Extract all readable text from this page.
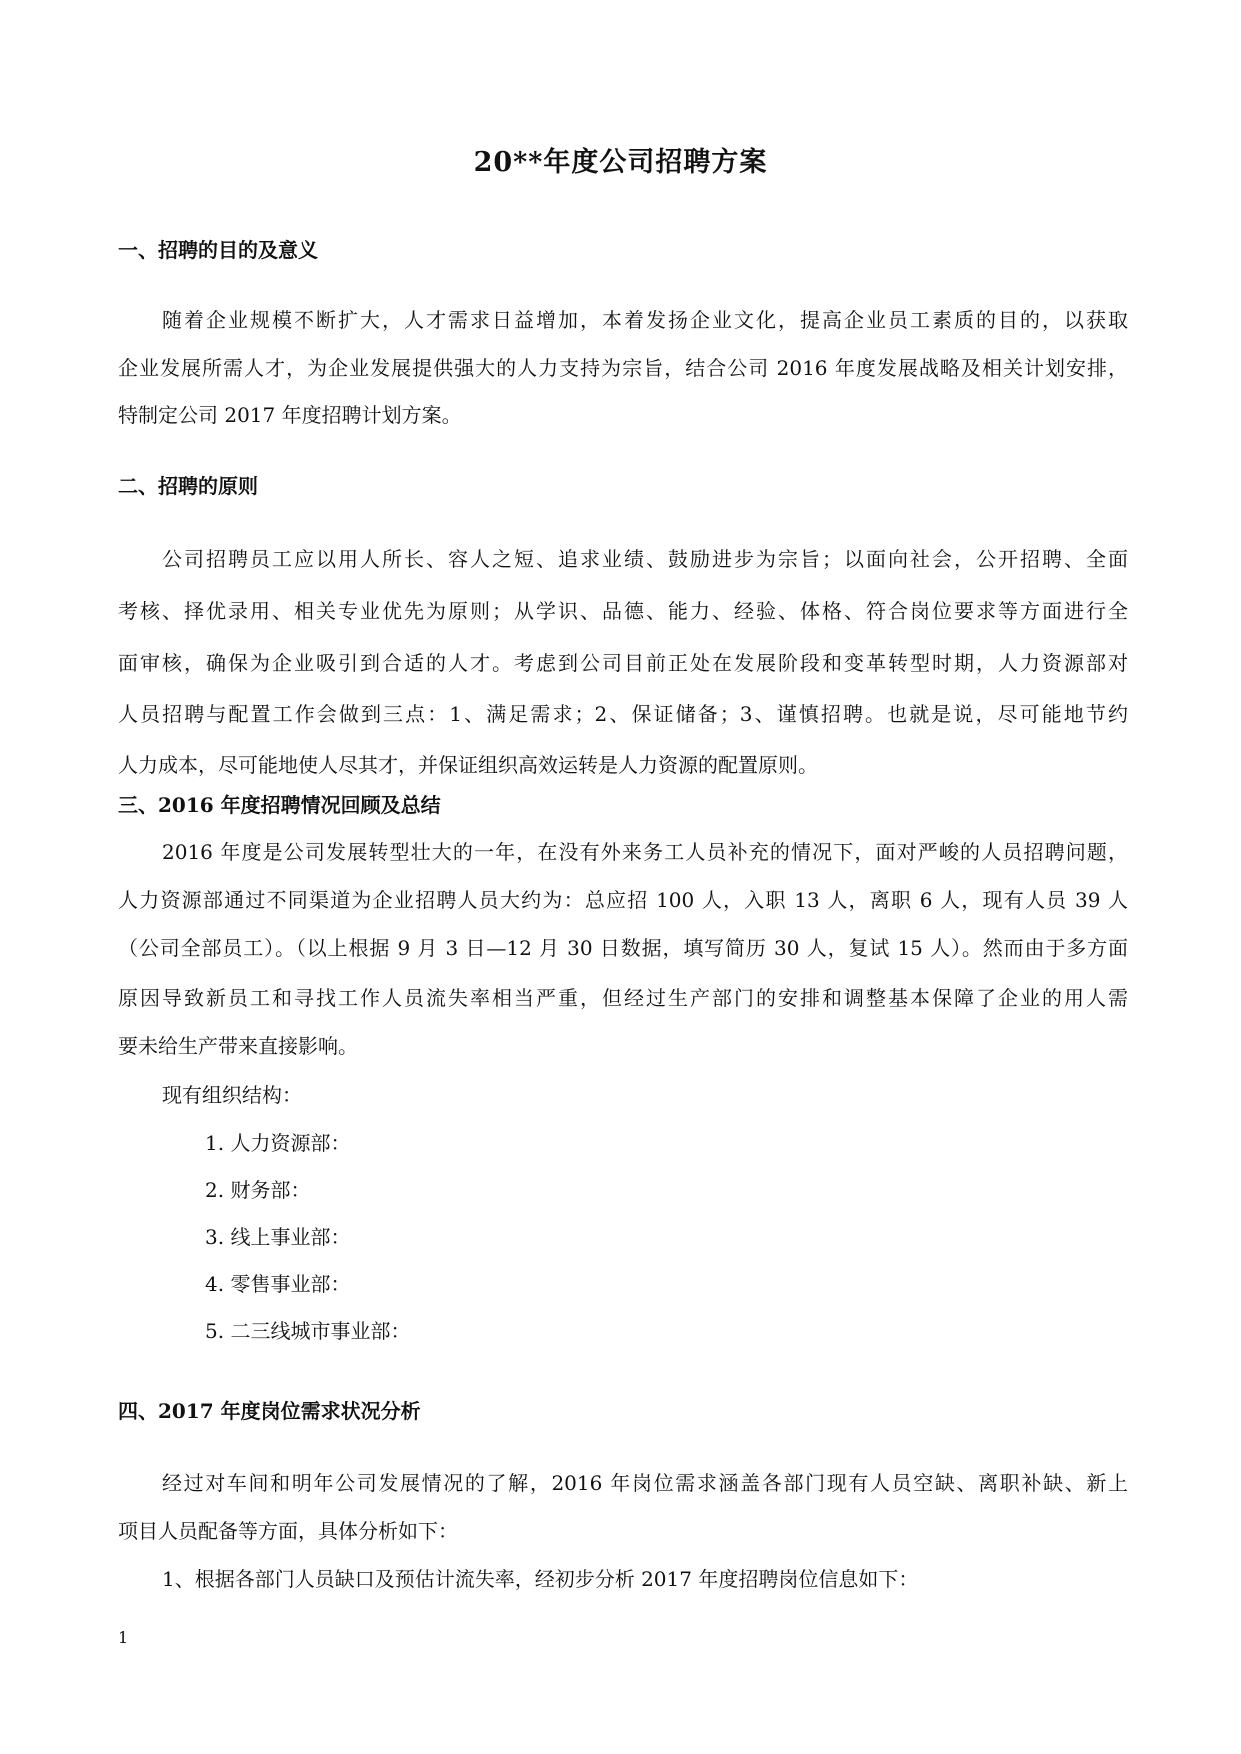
20**年度公司招聘方案
一、招聘的目的及意义
随着企业规模不断扩大，人才需求日益增加，本着发扬企业文化，提高企业员工素质的目的，以获取
企业发展所需人才，为企业发展提供强大的人力支持为宗旨，结合公司 2016 年度发展战略及相关计划安排，
特制定公司 2017 年度招聘计划方案。
二、招聘的原则
公司招聘员工应以用人所长、容人之短、追求业绩、鼓励进步为宗旨；以面向社会，公开招聘、全面
考核、择优录用、相关专业优先为原则；从学识、品德、能力、经验、体格、符合岗位要求等方面进行全
面审核，确保为企业吸引到合适的人才。考虑到公司目前正处在发展阶段和变革转型时期，人力资源部对
人员招聘与配置工作会做到三点：1、满足需求；2、保证储备；3、谨慎招聘。也就是说，尽可能地节约
人力成本，尽可能地使人尽其才，并保证组织高效运转是人力资源的配置原则。
三、2016 年度招聘情况回顾及总结
2016 年度是公司发展转型壮大的一年，在没有外来务工人员补充的情况下，面对严峻的人员招聘问题，
人力资源部通过不同渠道为企业招聘人员大约为：总应招 100 人，入职 13 人，离职 6 人，现有人员 39 人
（公司全部员工）。（以上根据 9 月 3 日—12 月 30 日数据，填写简历 30 人，复试 15 人）。然而由于多方面
原因导致新员工和寻找工作人员流失率相当严重，但经过生产部门的安排和调整基本保障了企业的用人需
要未给生产带来直接影响。
现有组织结构：
1. 人力资源部：
2. 财务部：
3. 线上事业部：
4. 零售事业部：
5. 二三线城市事业部：
四、2017 年度岗位需求状况分析
经过对车间和明年公司发展情况的了解，2016 年岗位需求涵盖各部门现有人员空缺、离职补缺、新上
项目人员配备等方面，具体分析如下：
1、根据各部门人员缺口及预估计流失率，经初步分析 2017 年度招聘岗位信息如下：
1
